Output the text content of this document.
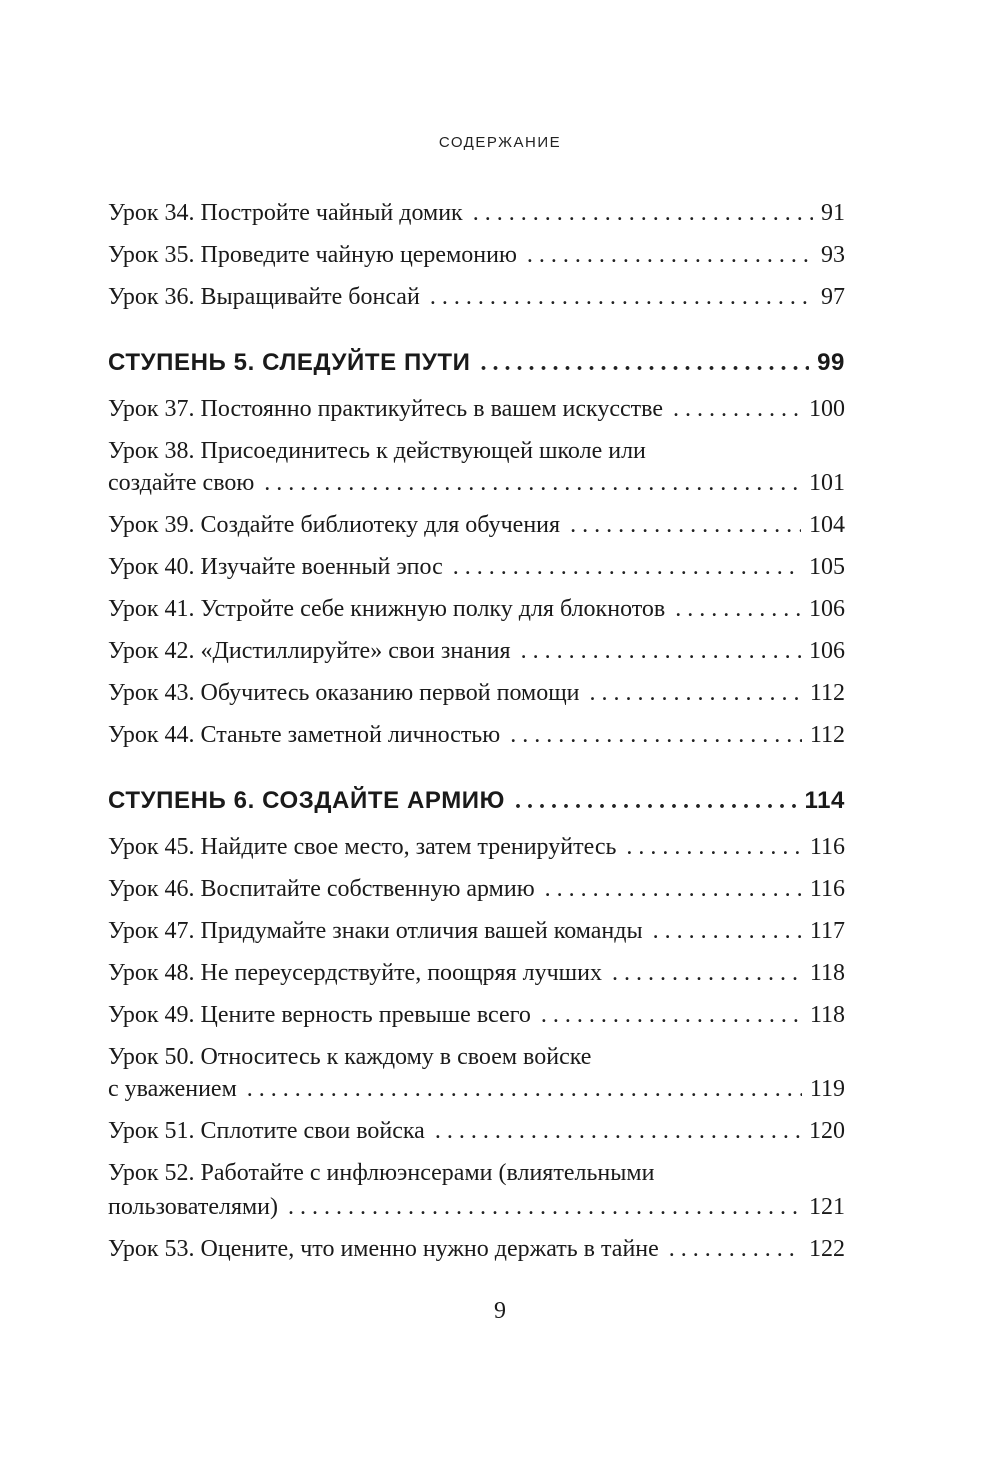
СОДЕРЖАНИЕ
Урок 34. Постройте чайный домик . . .	91
Урок 35. Проведите чайную церемонию . . .	93
Урок 36. Выращивайте бонсай . . .	97
СТУПЕНЬ 5. СЛЕДУЙТЕ ПУТИ . . .	99
Урок 37. Постоянно практикуйтесь в вашем искусстве . . .	100
Урок 38. Присоединитесь к действующей школе или
создайте свою . . .	101
Урок 39. Создайте библиотеку для обучения . . .	104
Урок 40. Изучайте военный эпос . . .	105
Урок 41. Устройте себе книжную полку для блокнотов . . .	106
Урок 42. «Дистиллируйте» свои знания . . .	106
Урок 43. Обучитесь оказанию первой помощи . . .	112
Урок 44. Станьте заметной личностью . . .	112
СТУПЕНЬ 6. СОЗДАЙТЕ АРМИЮ . . .	114
Урок 45. Найдите свое место, затем тренируйтесь . . .	116
Урок 46. Воспитайте собственную армию . . .	116
Урок 47. Придумайте знаки отличия вашей команды . . .	117
Урок 48. Не переусердствуйте, поощряя лучших . . .	118
Урок 49. Цените верность превыше всего . . .	118
Урок 50. Относитесь к каждому в своем войске
с уважением . . .	119
Урок 51. Сплотите свои войска . . .	120
Урок 52. Работайте с инфлюэнсерами (влиятельными
пользователями) . . .	121
Урок 53. Оцените, что именно нужно держать в тайне . . .	122
9
